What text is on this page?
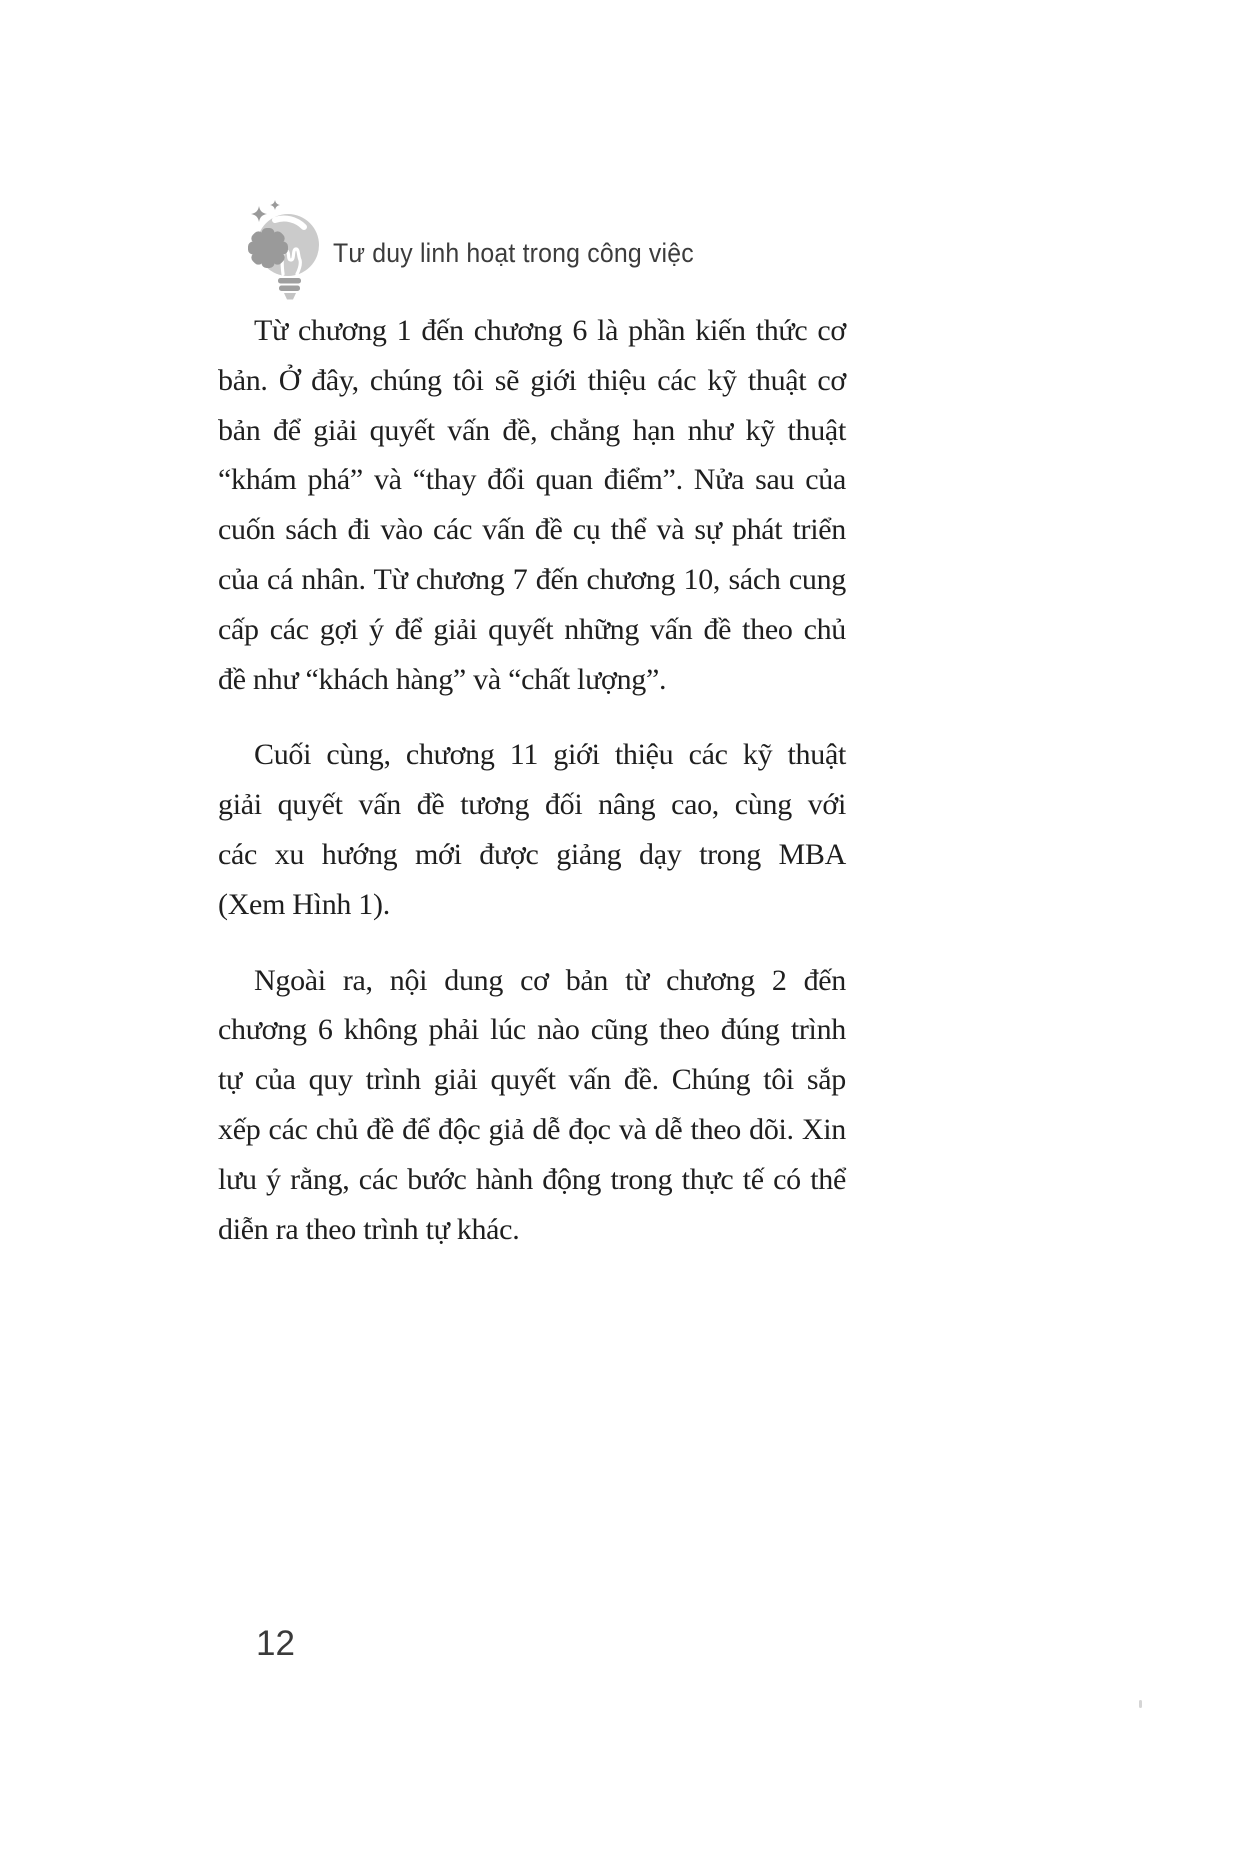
Tư duy linh hoạt trong công việc
Từ chương 1 đến chương 6 là phần kiến thức cơ
bản. Ở đây, chúng tôi sẽ giới thiệu các kỹ thuật cơ
bản để giải quyết vấn đề, chẳng hạn như kỹ thuật
“khám phá” và “thay đổi quan điểm”. Nửa sau của
cuốn sách đi vào các vấn đề cụ thể và sự phát triển
của cá nhân. Từ chương 7 đến chương 10, sách cung
cấp các gợi ý để giải quyết những vấn đề theo chủ
đề như “khách hàng” và “chất lượng”.
Cuối cùng, chương 11 giới thiệu các kỹ thuật
giải quyết vấn đề tương đối nâng cao, cùng với
các xu hướng mới được giảng dạy trong MBA
(Xem Hình 1).
Ngoài ra, nội dung cơ bản từ chương 2 đến
chương 6 không phải lúc nào cũng theo đúng trình
tự của quy trình giải quyết vấn đề. Chúng tôi sắp
xếp các chủ đề để độc giả dễ đọc và dễ theo dõi. Xin
lưu ý rằng, các bước hành động trong thực tế có thể
diễn ra theo trình tự khác.
12
